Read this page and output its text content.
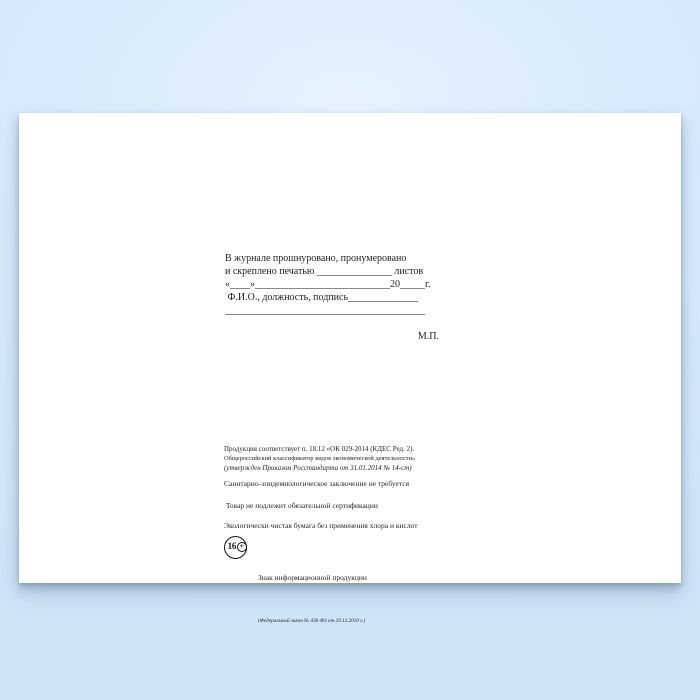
В журнале прошнуровано, пронумеровано
и скреплено печатью _______________ листов
«____»___________________________20_____г.
Ф.И.О., должность, подпись______________
________________________________________
М.П.
Продукция соответствует п. 18.12 «ОК 029-2014 (КДЕС Ред. 2).
Общероссийский классификатор видов экономической деятельности»
(утвержден Приказом Росстандарта от 31.01.2014 № 14-ст)
Санитарно-эпидемиологическое заключение не требуется
Товар не подлежит обязательной сертификации
Экологически чистая бумага без применения хлора и кислот
16 +

Знак информационной продукции

(Федеральный закон № 436-ФЗ от 29.12.2010 г.)
